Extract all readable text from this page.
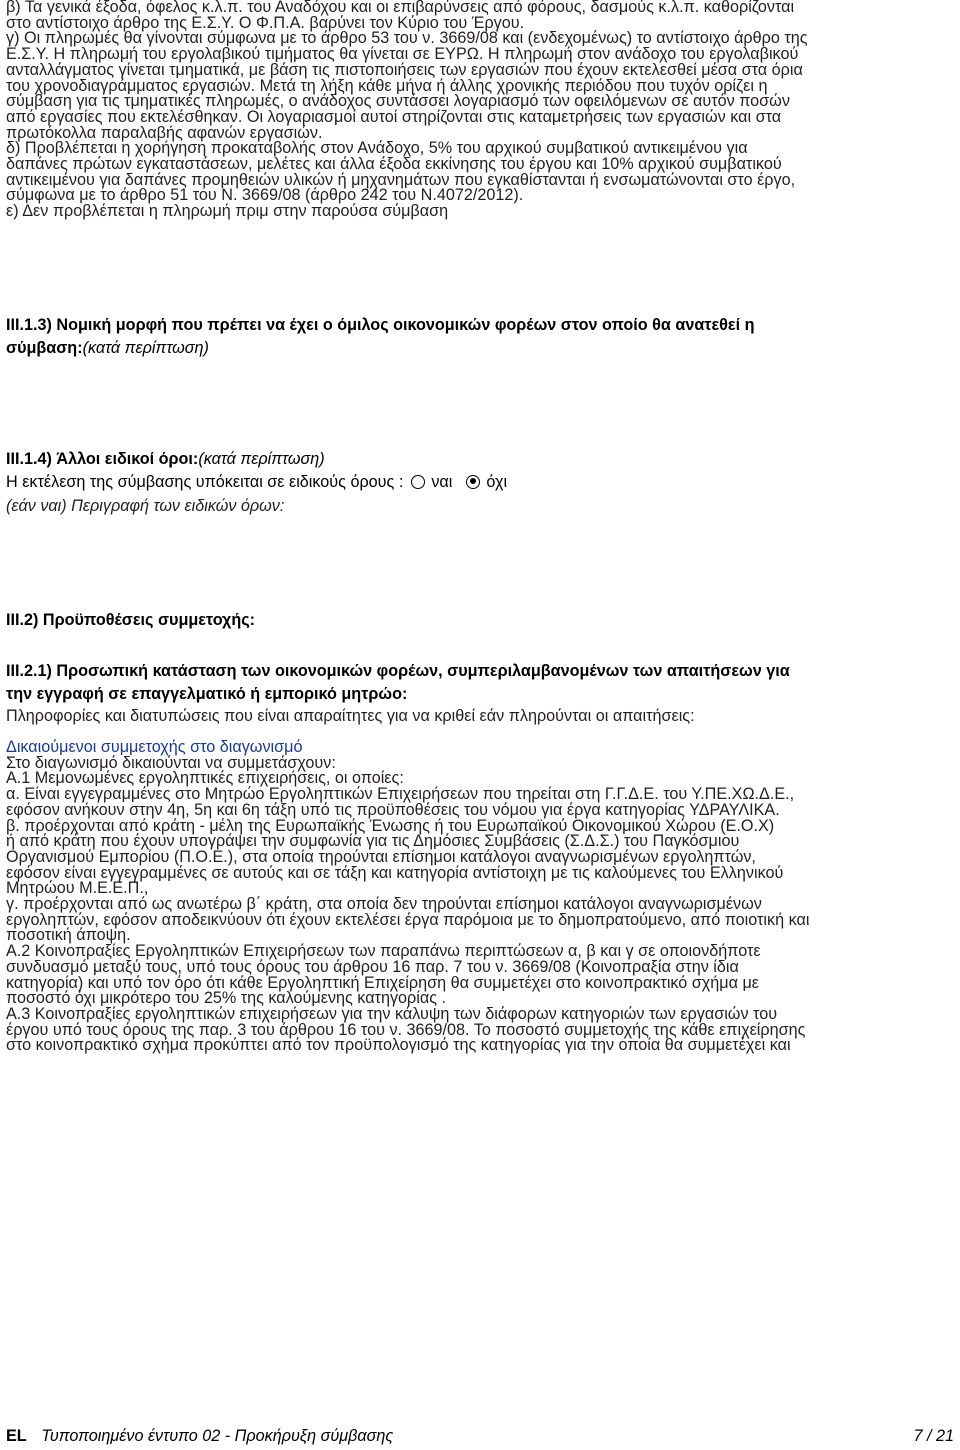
β) Τα γενικά έξοδα, όφελος κ.λ.π. του Αναδόχου και οι επιβαρύνσεις από φόρους, δασμούς κ.λ.π. καθορίζονται

στο αντίστοιχο άρθρο της Ε.Σ.Υ. Ο Φ.Π.Α. βαρύνει τον Κύριο του Έργου.

γ) Οι πληρωμές θα γίνονται σύμφωνα με το άρθρο 53 του ν. 3669/08 και (ενδεχομένως) το αντίστοιχο άρθρο της

Ε.Σ.Υ. Η πληρωμή του εργολαβικού τιμήματος θα γίνεται σε ΕΥΡΩ. Η πληρωμή στον ανάδοχο του εργολαβικού

ανταλλάγματος γίνεται τμηματικά, με βάση τις πιστοποιήσεις των εργασιών που έχουν εκτελεσθεί μέσα στα όρια

του χρονοδιαγράμματος εργασιών. Μετά τη λήξη κάθε μήνα ή άλλης χρονικής περιόδου που τυχόν ορίζει η

σύμβαση για τις τμηματικές πληρωμές, ο ανάδοχος συντάσσει λογαριασμό των οφειλόμενων σε αυτόν ποσών

από εργασίες που εκτελέσθηκαν. Οι λογαριασμοί αυτοί στηρίζονται στις καταμετρήσεις των εργασιών και στα

πρωτόκολλα παραλαβής αφανών εργασιών.

δ) Προβλέπεται η χορήγηση προκαταβολής στον Ανάδοχο, 5% του αρχικού συμβατικού αντικειμένου για

δαπάνες πρώτων εγκαταστάσεων, μελέτες και άλλα έξοδα εκκίνησης του έργου και 10% αρχικού συμβατικού

αντικειμένου για δαπάνες προμηθειών υλικών ή μηχανημάτων που εγκαθίστανται ή ενσωματώνονται στο έργο,

σύμφωνα με το άρθρο 51 του Ν. 3669/08 (άρθρο 242 του Ν.4072/2012).

ε) Δεν προβλέπεται η πληρωμή πριμ στην παρούσα σύμβαση

III.1.3) Νομική μορφή που πρέπει να έχει ο όμιλος οικονομικών φορέων στον οποίο θα ανατεθεί η
σύμβαση:(κατά περίπτωση)

III.1.4) Άλλοι ειδικοί όροι:(κατά περίπτωση)

Η εκτέλεση της σύμβασης υπόκειται σε ειδικούς όρους : ναι όχι

(εάν ναι) Περιγραφή των ειδικών όρων:

III.2) Προϋποθέσεις συμμετοχής:

III.2.1) Προσωπική κατάσταση των οικονομικών φορέων, συμπεριλαμβανομένων των απαιτήσεων για
την εγγραφή σε επαγγελματικό ή εμπορικό μητρώο:

Πληροφορίες και διατυπώσεις που είναι απαραίτητες για να κριθεί εάν πληρούνται οι απαιτήσεις:

Δικαιούμενοι συμμετοχής στο διαγωνισμό

Στο διαγωνισμό δικαιούνται να συμμετάσχουν:

Α.1 Μεμονωμένες εργοληπτικές επιχειρήσεις, οι οποίες:

α. Είναι εγγεγραμμένες στο Μητρώο Εργοληπτικών Επιχειρήσεων που τηρείται στη Γ.Γ.Δ.Ε. του Υ.ΠΕ.ΧΩ.Δ.Ε.,

εφόσον ανήκουν στην 4η, 5η και 6η τάξη υπό τις προϋποθέσεις του νόμου για έργα κατηγορίας ΥΔΡΑΥΛΙΚΑ.

β. προέρχονται από κράτη - μέλη της Ευρωπαϊκής Ένωσης ή του Ευρωπαϊκού Οικονομικού Χώρου (Ε.Ο.Χ)

ή από κράτη που έχουν υπογράψει την συμφωνία για τις Δημόσιες Συμβάσεις (Σ.Δ.Σ.) του Παγκόσμιου

Οργανισμού Εμπορίου (Π.Ο.Ε.), στα οποία τηρούνται επίσημοι κατάλογοι αναγνωρισμένων εργοληπτών,

εφόσον είναι εγγεγραμμένες σε αυτούς και σε τάξη και κατηγορία αντίστοιχη με τις καλούμενες του Ελληνικού

Μητρώου Μ.Ε.Ε.Π.,

γ. προέρχονται από ως ανωτέρω β΄ κράτη, στα οποία δεν τηρούνται επίσημοι κατάλογοι αναγνωρισμένων

εργοληπτών, εφόσον αποδεικνύουν ότι έχουν εκτελέσει έργα παρόμοια με το δημοπρατούμενο, από ποιοτική και

ποσοτική άποψη.

Α.2 Κοινοπραξίες Εργοληπτικών Επιχειρήσεων των παραπάνω περιπτώσεων α, β και γ σε οποιονδήποτε

συνδυασμό μεταξύ τους, υπό τους όρους του άρθρου 16 παρ. 7 του ν. 3669/08 (Κοινοπραξία στην ίδια

κατηγορία) και υπό τον όρο ότι κάθε Εργοληπτική Επιχείρηση θα συμμετέχει στο κοινοπρακτικό σχήμα με

ποσοστό όχι μικρότερο του 25% της καλούμενης κατηγορίας .

Α.3 Κοινοπραξίες εργοληπτικών επιχειρήσεων για την κάλυψη των διάφορων κατηγοριών των εργασιών του

έργου υπό τους όρους της παρ. 3 του άρθρου 16 του ν. 3669/08. Το ποσοστό συμμετοχής της κάθε επιχείρησης

στο κοινοπρακτικό σχήμα προκύπτει από τον προϋπολογισμό της κατηγορίας για την οποία θα συμμετέχει και

EL Τυποποιημένο έντυπο 02 - Προκήρυξη σύμβασης	7 / 21
